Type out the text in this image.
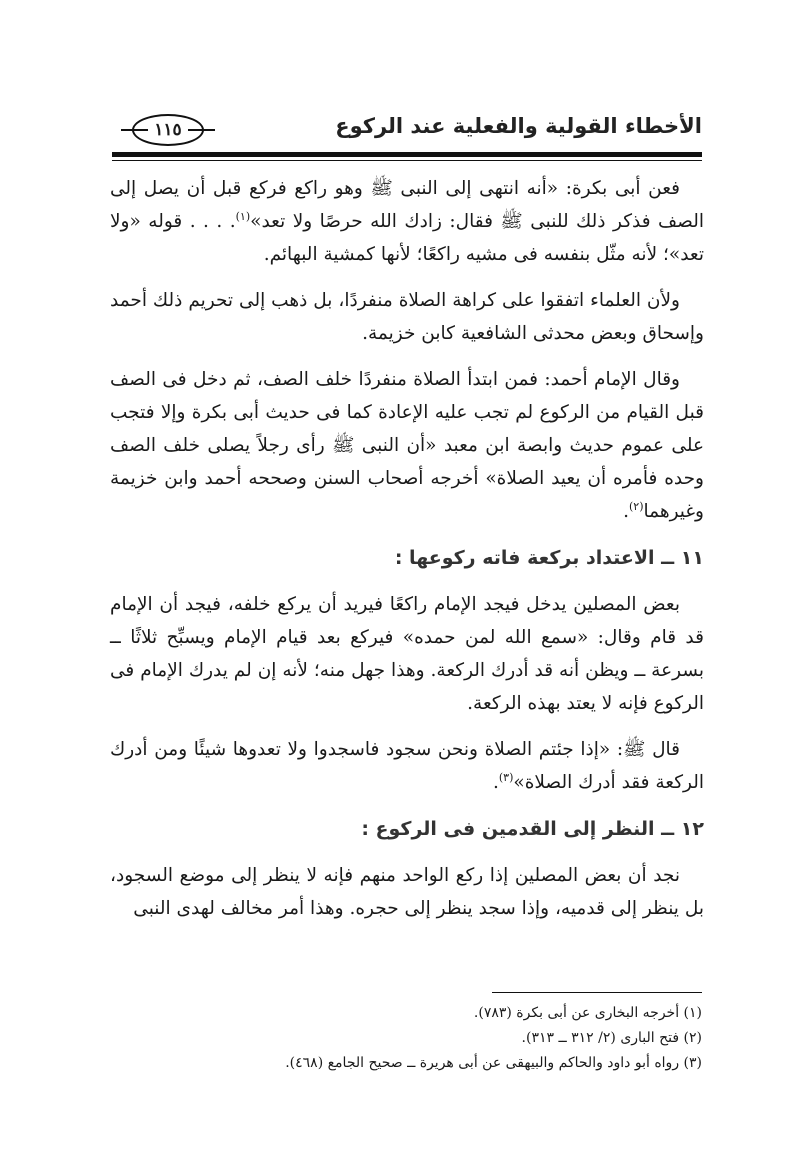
الأخطاء القولية والفعلية عند الركوع
١١٥

فعن أبى بكرة: «أنه انتهى إلى النبى ﷺ وهو راكع فركع قبل أن يصل إلى الصف فذكر ذلك للنبى ﷺ فقال: زادك الله حرصًا ولا تعد»$^{(١)}$. . . . قوله «ولا تعد»؛ لأنه مثّل بنفسه فى مشيه راكعًا؛ لأنها كمشية البهائم.

ولأن العلماء اتفقوا على كراهة الصلاة منفردًا، بل ذهب إلى تحريم ذلك أحمد وإسحاق وبعض محدثى الشافعية كابن خزيمة.

وقال الإمام أحمد: فمن ابتدأ الصلاة منفردًا خلف الصف، ثم دخل فى الصف قبل القيام من الركوع لم تجب عليه الإعادة كما فى حديث أبى بكرة وإلا فتجب على عموم حديث وابصة ابن معبد «أن النبى ﷺ رأى رجلاً يصلى خلف الصف وحده فأمره أن يعيد الصلاة» أخرجه أصحاب السنن وصححه أحمد وابن خزيمة وغيرهما$^{(٢)}$.

١١ ــ الاعتداد بركعة فاته ركوعها :

بعض المصلين يدخل فيجد الإمام راكعًا فيريد أن يركع خلفه، فيجد أن الإمام قد قام وقال: «سمع الله لمن حمده» فيركع بعد قيام الإمام ويسبِّح ثلاثًا ــ بسرعة ــ ويظن أنه قد أدرك الركعة. وهذا جهل منه؛ لأنه إن لم يدرك الإمام فى الركوع فإنه لا يعتد بهذه الركعة.

قال ﷺ: «إذا جئتم الصلاة ونحن سجود فاسجدوا ولا تعدوها شيئًا ومن أدرك الركعة فقد أدرك الصلاة»$^{(٣)}$.

١٢ ــ النظر إلى القدمين فى الركوع :

نجد أن بعض المصلين إذا ركع الواحد منهم فإنه لا ينظر إلى موضع السجود، بل ينظر إلى قدميه، وإذا سجد ينظر إلى حجره. وهذا أمر مخالف لهدى النبى

(١) أخرجه البخارى عن أبى بكرة (٧٨٣).

(٢) فتح البارى (٢/ ٣١٢ ــ ٣١٣).

(٣) رواه أبو داود والحاكم والبيهقى عن أبى هريرة ــ صحيح الجامع (٤٦٨).
